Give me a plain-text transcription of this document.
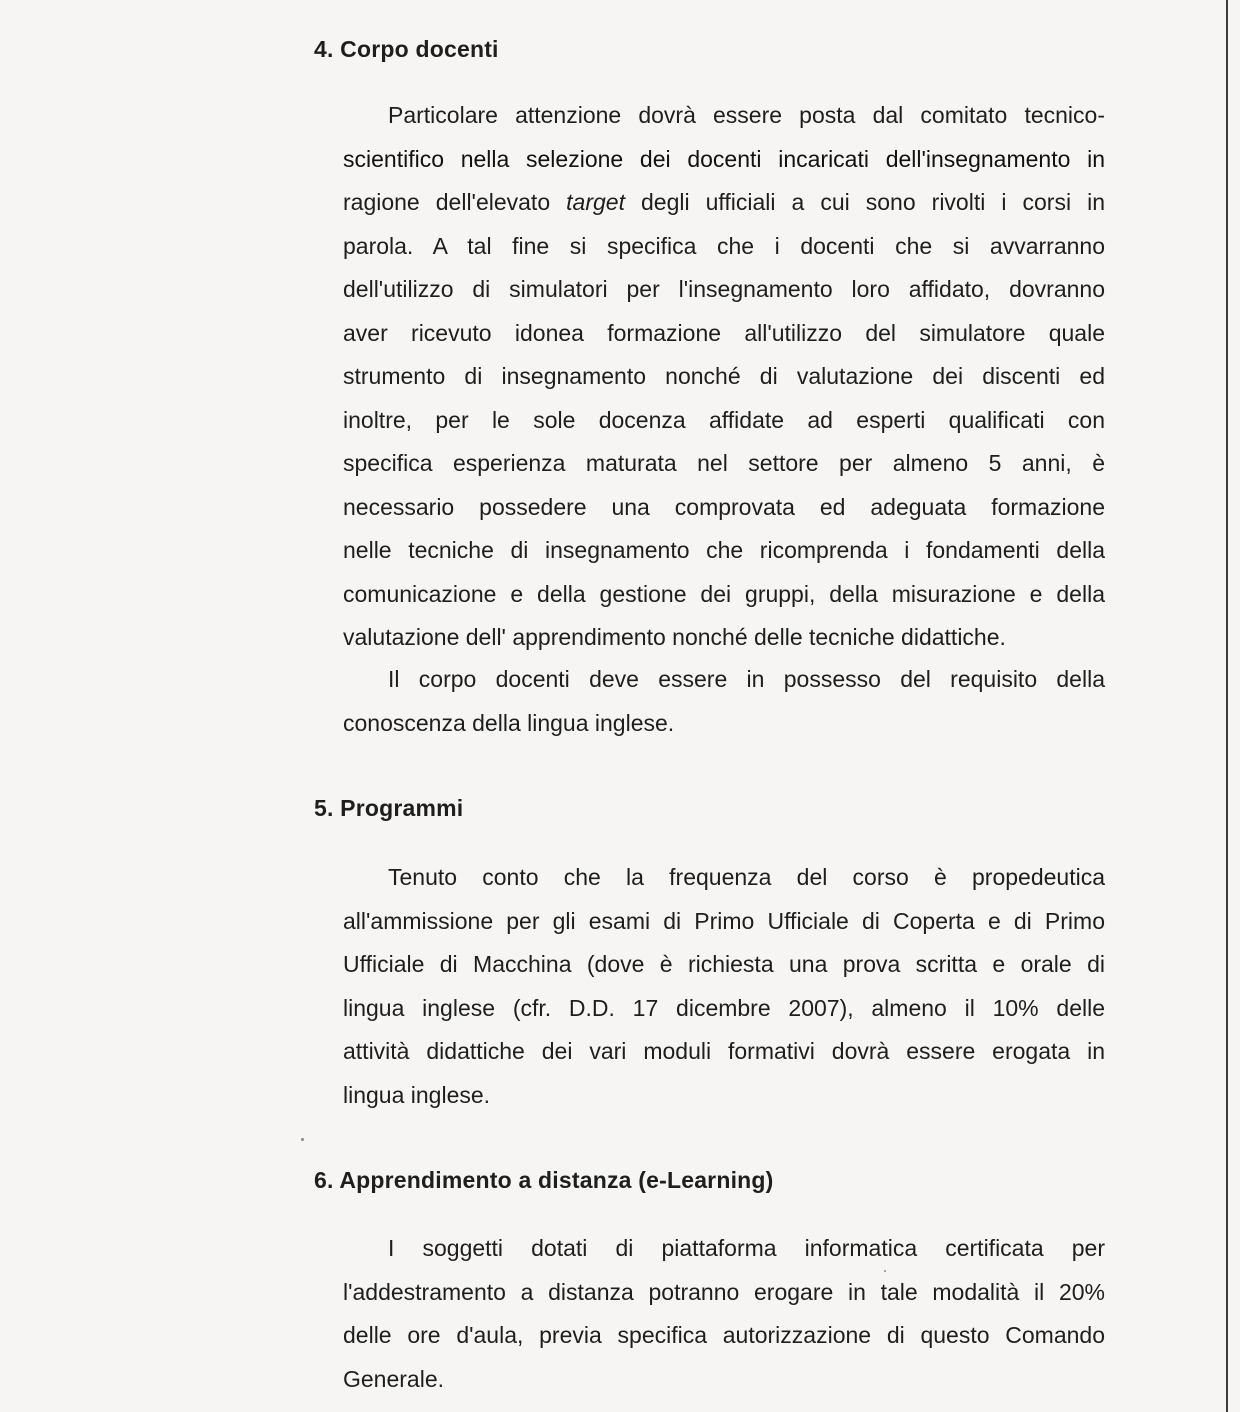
4. Corpo docenti
Particolare attenzione dovrà essere posta dal comitato tecnico-
scientifico nella selezione dei docenti incaricati dell'insegnamento in
ragione dell'elevato target degli ufficiali a cui sono rivolti i corsi in
parola. A tal fine si specifica che i docenti che si avvarranno
dell'utilizzo di simulatori per l'insegnamento loro affidato, dovranno
aver ricevuto idonea formazione all'utilizzo del simulatore quale
strumento di insegnamento nonché di valutazione dei discenti ed
inoltre, per le sole docenza affidate ad esperti qualificati con
specifica esperienza maturata nel settore per almeno 5 anni, è
necessario possedere una comprovata ed adeguata formazione
nelle tecniche di insegnamento che ricomprenda i fondamenti della
comunicazione e della gestione dei gruppi, della misurazione e della
valutazione dell' apprendimento nonché delle tecniche didattiche.
Il corpo docenti deve essere in possesso del requisito della
conoscenza della lingua inglese.
5. Programmi
Tenuto conto che la frequenza del corso è propedeutica
all'ammissione per gli esami di Primo Ufficiale di Coperta e di Primo
Ufficiale di Macchina (dove è richiesta una prova scritta e orale di
lingua inglese (cfr. D.D. 17 dicembre 2007), almeno il 10% delle
attività didattiche dei vari moduli formativi dovrà essere erogata in
lingua inglese.
6. Apprendimento a distanza (e-Learning)
I soggetti dotati di piattaforma informatica certificata per
l'addestramento a distanza potranno erogare in tale modalità il 20%
delle ore d'aula, previa specifica autorizzazione di questo Comando
Generale.
